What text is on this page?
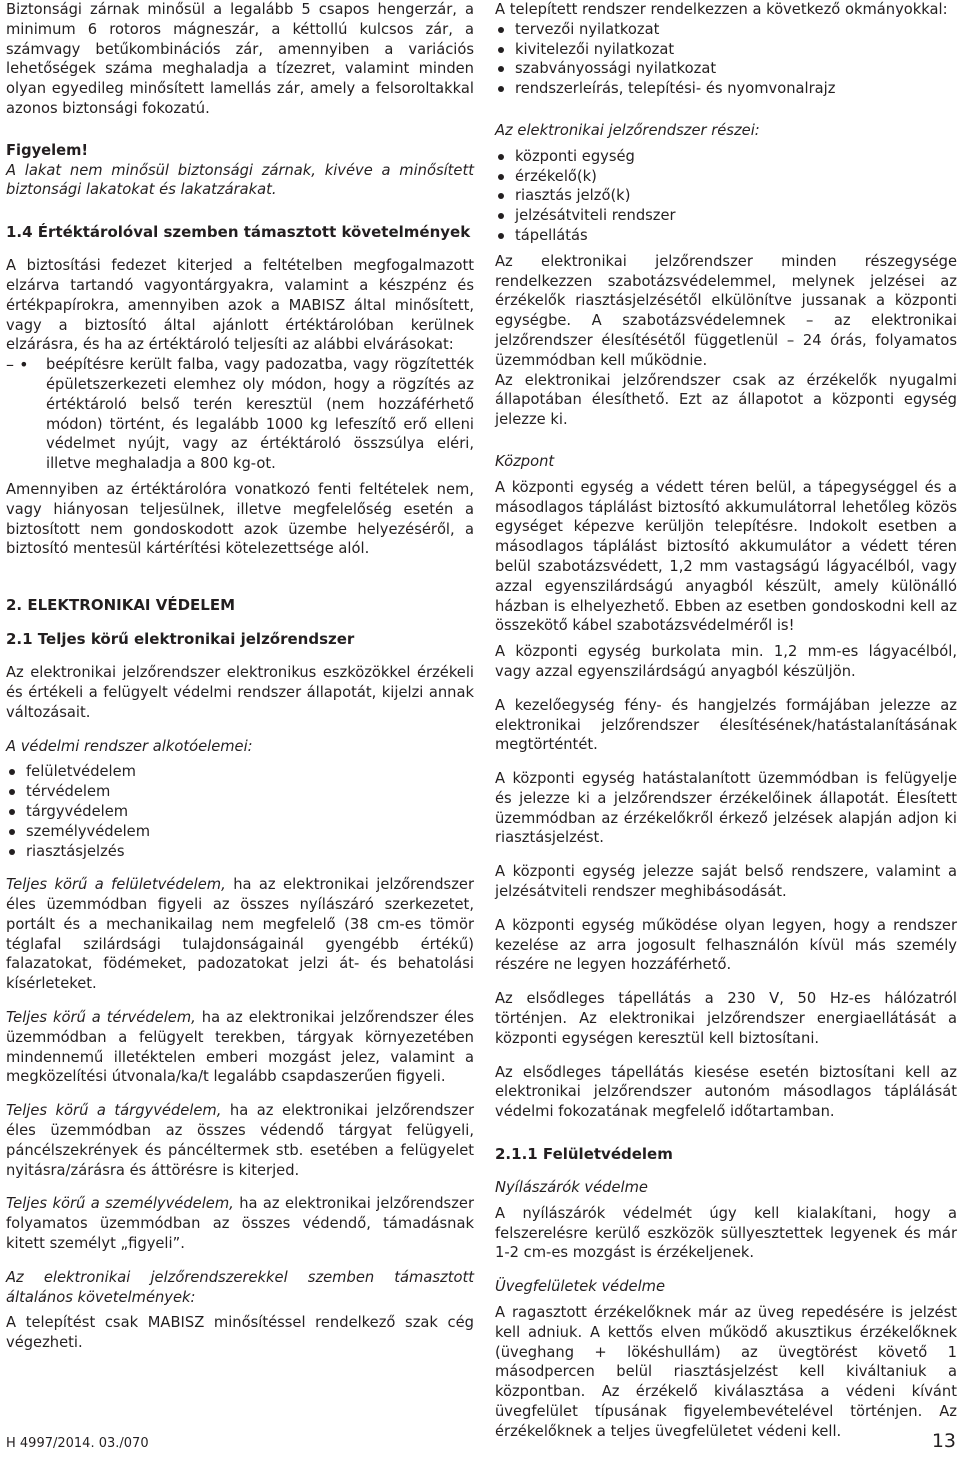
Biztonsági zárnak minősül a legalább 5 csapos hengerzár, a minimum 6 rotoros mágneszár, a kéttollú kulcsos zár, a számvagy betűkombinációs zár, amennyiben a variációs lehetőségek száma meghaladja a tízezret, valamint minden olyan egyedileg minősített lamellás zár, amely a felsoroltakkal azonos biztonsági fokozatú.

Figyelem!

A lakat nem minősül biztonsági zárnak, kivéve a minősített biztonsági lakatokat és lakatzárakat.

1.4 Értéktárolóval szemben támasztott követelmények

A biztosítási fedezet kiterjed a feltételben megfogalmazott elzárva tartandó vagyontárgyakra, valamint a készpénz és értékpapírokra, amennyiben azok a MABISZ által minősített, vagy a biztosító által ajánlott értéktárolóban kerülnek elzárásra, és ha az értéktároló teljesíti az alábbi elvárásokat:

– • beépítésre került falba, vagy padozatba, vagy rögzítették épületszerkezeti elemhez oly módon, hogy a rögzítés az értéktároló belső terén keresztül (nem hozzáférhető módon) történt, és legalább 1000 kg lefeszítő erő elleni védelmet nyújt, vagy az értéktároló összsúlya eléri, illetve meghaladja a 800 kg-ot.

Amennyiben az értéktárolóra vonatkozó fenti feltételek nem, vagy hiányosan teljesülnek, illetve megfelelőség esetén a biztosított nem gondoskodott azok üzembe helyezéséről, a biztosító mentesül kártérítési kötelezettsége alól.

2. ELEKTRONIKAI VÉDELEM
2.1 Teljes körű elektronikai jelzőrendszer

Az elektronikai jelzőrendszer elektronikus eszközökkel érzékeli és értékeli a felügyelt védelmi rendszer állapotát, kijelzi annak változásait.

A védelmi rendszer alkotóelemei:

felületvédelem
térvédelem
tárgyvédelem
személyvédelem
riasztásjelzés

Teljes körű a felületvédelem, ha az elektronikai jelzőrendszer éles üzemmódban figyeli az összes nyílászáró szerkezetet, portált és a mechanikailag nem megfelelő (38 cm-es tömör téglafal szilárdsági tulajdonságainál gyengébb értékű) falazatokat, födémeket, padozatokat jelzi át- és behatolási kísérleteket.

Teljes körű a térvédelem, ha az elektronikai jelzőrendszer éles üzemmódban a felügyelt terekben, tárgyak környezetében mindennemű illetéktelen emberi mozgást jelez, valamint a megközelítési útvonala/ka/t legalább csapdaszerűen figyeli.

Teljes körű a tárgyvédelem, ha az elektronikai jelzőrendszer éles üzemmódban az összes védendő tárgyat felügyeli, páncélszekrények és páncéltermek stb. esetében a felügyelet nyitásra/zárásra és áttörésre is kiterjed.

Teljes körű a személyvédelem, ha az elektronikai jelzőrendszer folyamatos üzemmódban az összes védendő, támadásnak kitett személyt „figyeli”.

Az elektronikai jelzőrendszerekkel szemben támasztott általános követelmények:

A telepítést csak MABISZ minősítéssel rendelkező szak cég végezheti.

A telepített rendszer rendelkezzen a következő okmányokkal:

tervezői nyilatkozat
kivitelezői nyilatkozat
szabványossági nyilatkozat
rendszerleírás, telepítési- és nyomvonalrajz

Az elektronikai jelzőrendszer részei:

központi egység
érzékelő(k)
riasztás jelző(k)
jelzésátviteli rendszer
tápellátás

Az elektronikai jelzőrendszer minden részegysége rendelkezzen szabotázsvédelemmel, melynek jelzései az érzékelők riasztásjelzésétől elkülönítve jussanak a központi egységbe. A szabotázsvédelemnek – az elektronikai jelzőrendszer élesítésétől függetlenül – 24 órás, folyamatos üzemmódban kell működnie.

Az elektronikai jelzőrendszer csak az érzékelők nyugalmi állapotában élesíthető. Ezt az állapotot a központi egység jelezze ki.

Központ

A központi egység a védett téren belül, a tápegységgel és a másodlagos táplálást biztosító akkumulátorral lehetőleg közös egységet képezve kerüljön telepítésre. Indokolt esetben a másodlagos táplálást biztosító akkumulátor a védett téren belül szabotázsvédett, 1,2 mm vastagságú lágyacélból, vagy azzal egyenszilárdságú anyagból készült, amely különálló házban is elhelyezhető. Ebben az esetben gondoskodni kell az összekötő kábel szabotázsvédelméről is!

A központi egység burkolata min. 1,2 mm-es lágyacélból, vagy azzal egyenszilárdságú anyagból készüljön.

A kezelőegység fény- és hangjelzés formájában jelezze az elektronikai jelzőrendszer élesítésének/hatástalanításának megtörténtét.

A központi egység hatástalanított üzemmódban is felügyelje és jelezze ki a jelzőrendszer érzékelőinek állapotát. Élesített üzemmódban az érzékelőkről érkező jelzések alapján adjon ki riasztásjelzést.

A központi egység jelezze saját belső rendszere, valamint a jelzésátviteli rendszer meghibásodását.

A központi egység működése olyan legyen, hogy a rendszer kezelése az arra jogosult felhasználón kívül más személy részére ne legyen hozzáférhető.

Az elsődleges tápellátás a 230 V, 50 Hz-es hálózatról történjen. Az elektronikai jelzőrendszer energiaellátását a központi egységen keresztül kell biztosítani.

Az elsődleges tápellátás kiesése esetén biztosítani kell az elektronikai jelzőrendszer autonóm másodlagos táplálását védelmi fokozatának megfelelő időtartamban.

2.1.1 Felületvédelem

Nyílászárók védelme

A nyílászárók védelmét úgy kell kialakítani, hogy a felszerelésre kerülő eszközök süllyesztettek legyenek és már 1-2 cm-es mozgást is érzékeljenek.

Üvegfelületek védelme

A ragasztott érzékelőknek már az üveg repedésére is jelzést kell adniuk. A kettős elven működő akusztikus érzékelőknek (üveghang + lökéshullám) az üvegtörést követő 1 másodpercen belül riasztásjelzést kell kiváltaniuk a központban. Az érzékelő kiválasztása a védeni kívánt üvegfelület típusának figyelembevételével történjen. Az érzékelőknek a teljes üvegfelületet védeni kell.

H 4997/2014. 03./070	13
